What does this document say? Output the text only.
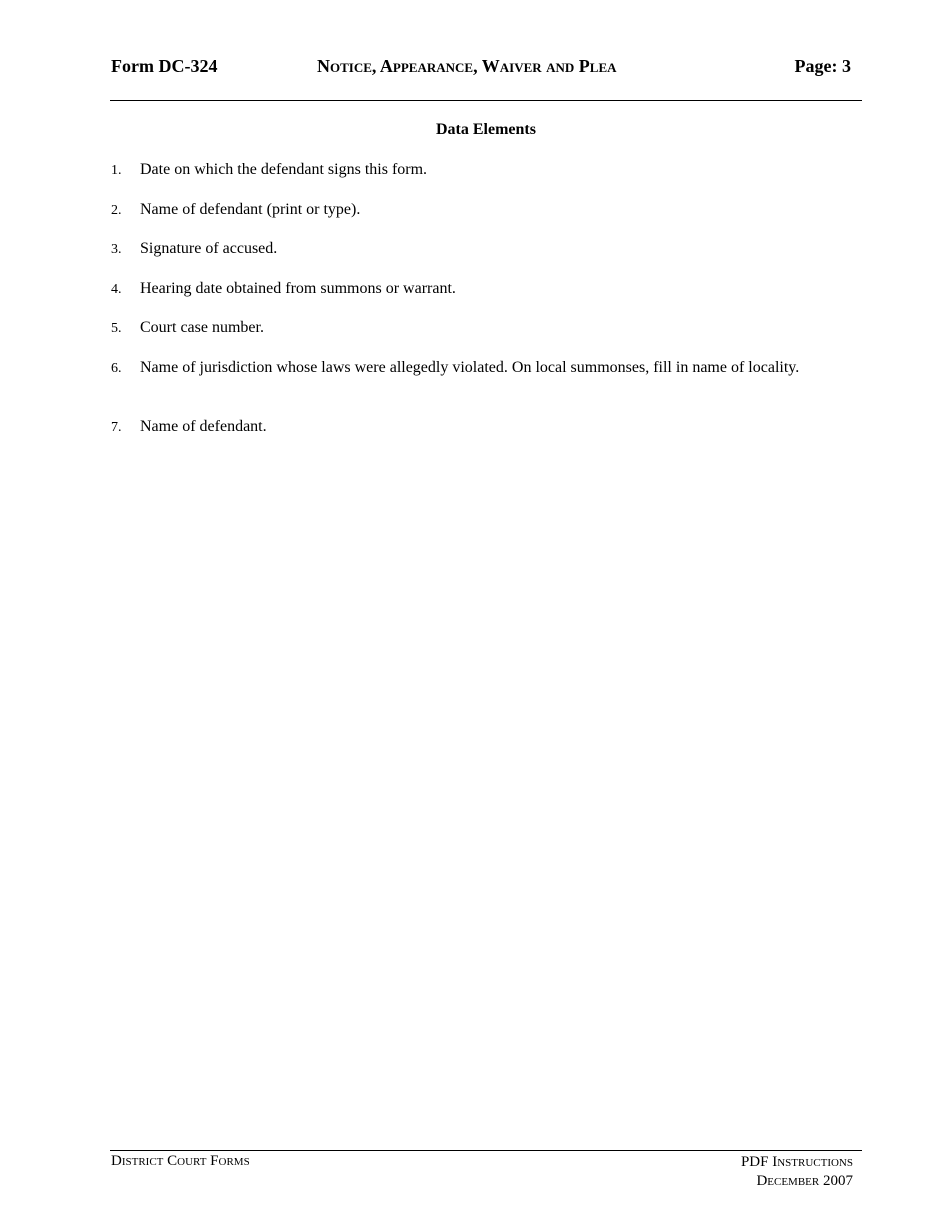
Form DC-324	Notice, Appearance, Waiver and Plea	Page: 3
Data Elements
1. Date on which the defendant signs this form.
2. Name of defendant (print or type).
3. Signature of accused.
4. Hearing date obtained from summons or warrant.
5. Court case number.
6. Name of jurisdiction whose laws were allegedly violated. On local summonses, fill in name of locality.
7. Name of defendant.
District Court Forms	PDF Instructions
December 2007
